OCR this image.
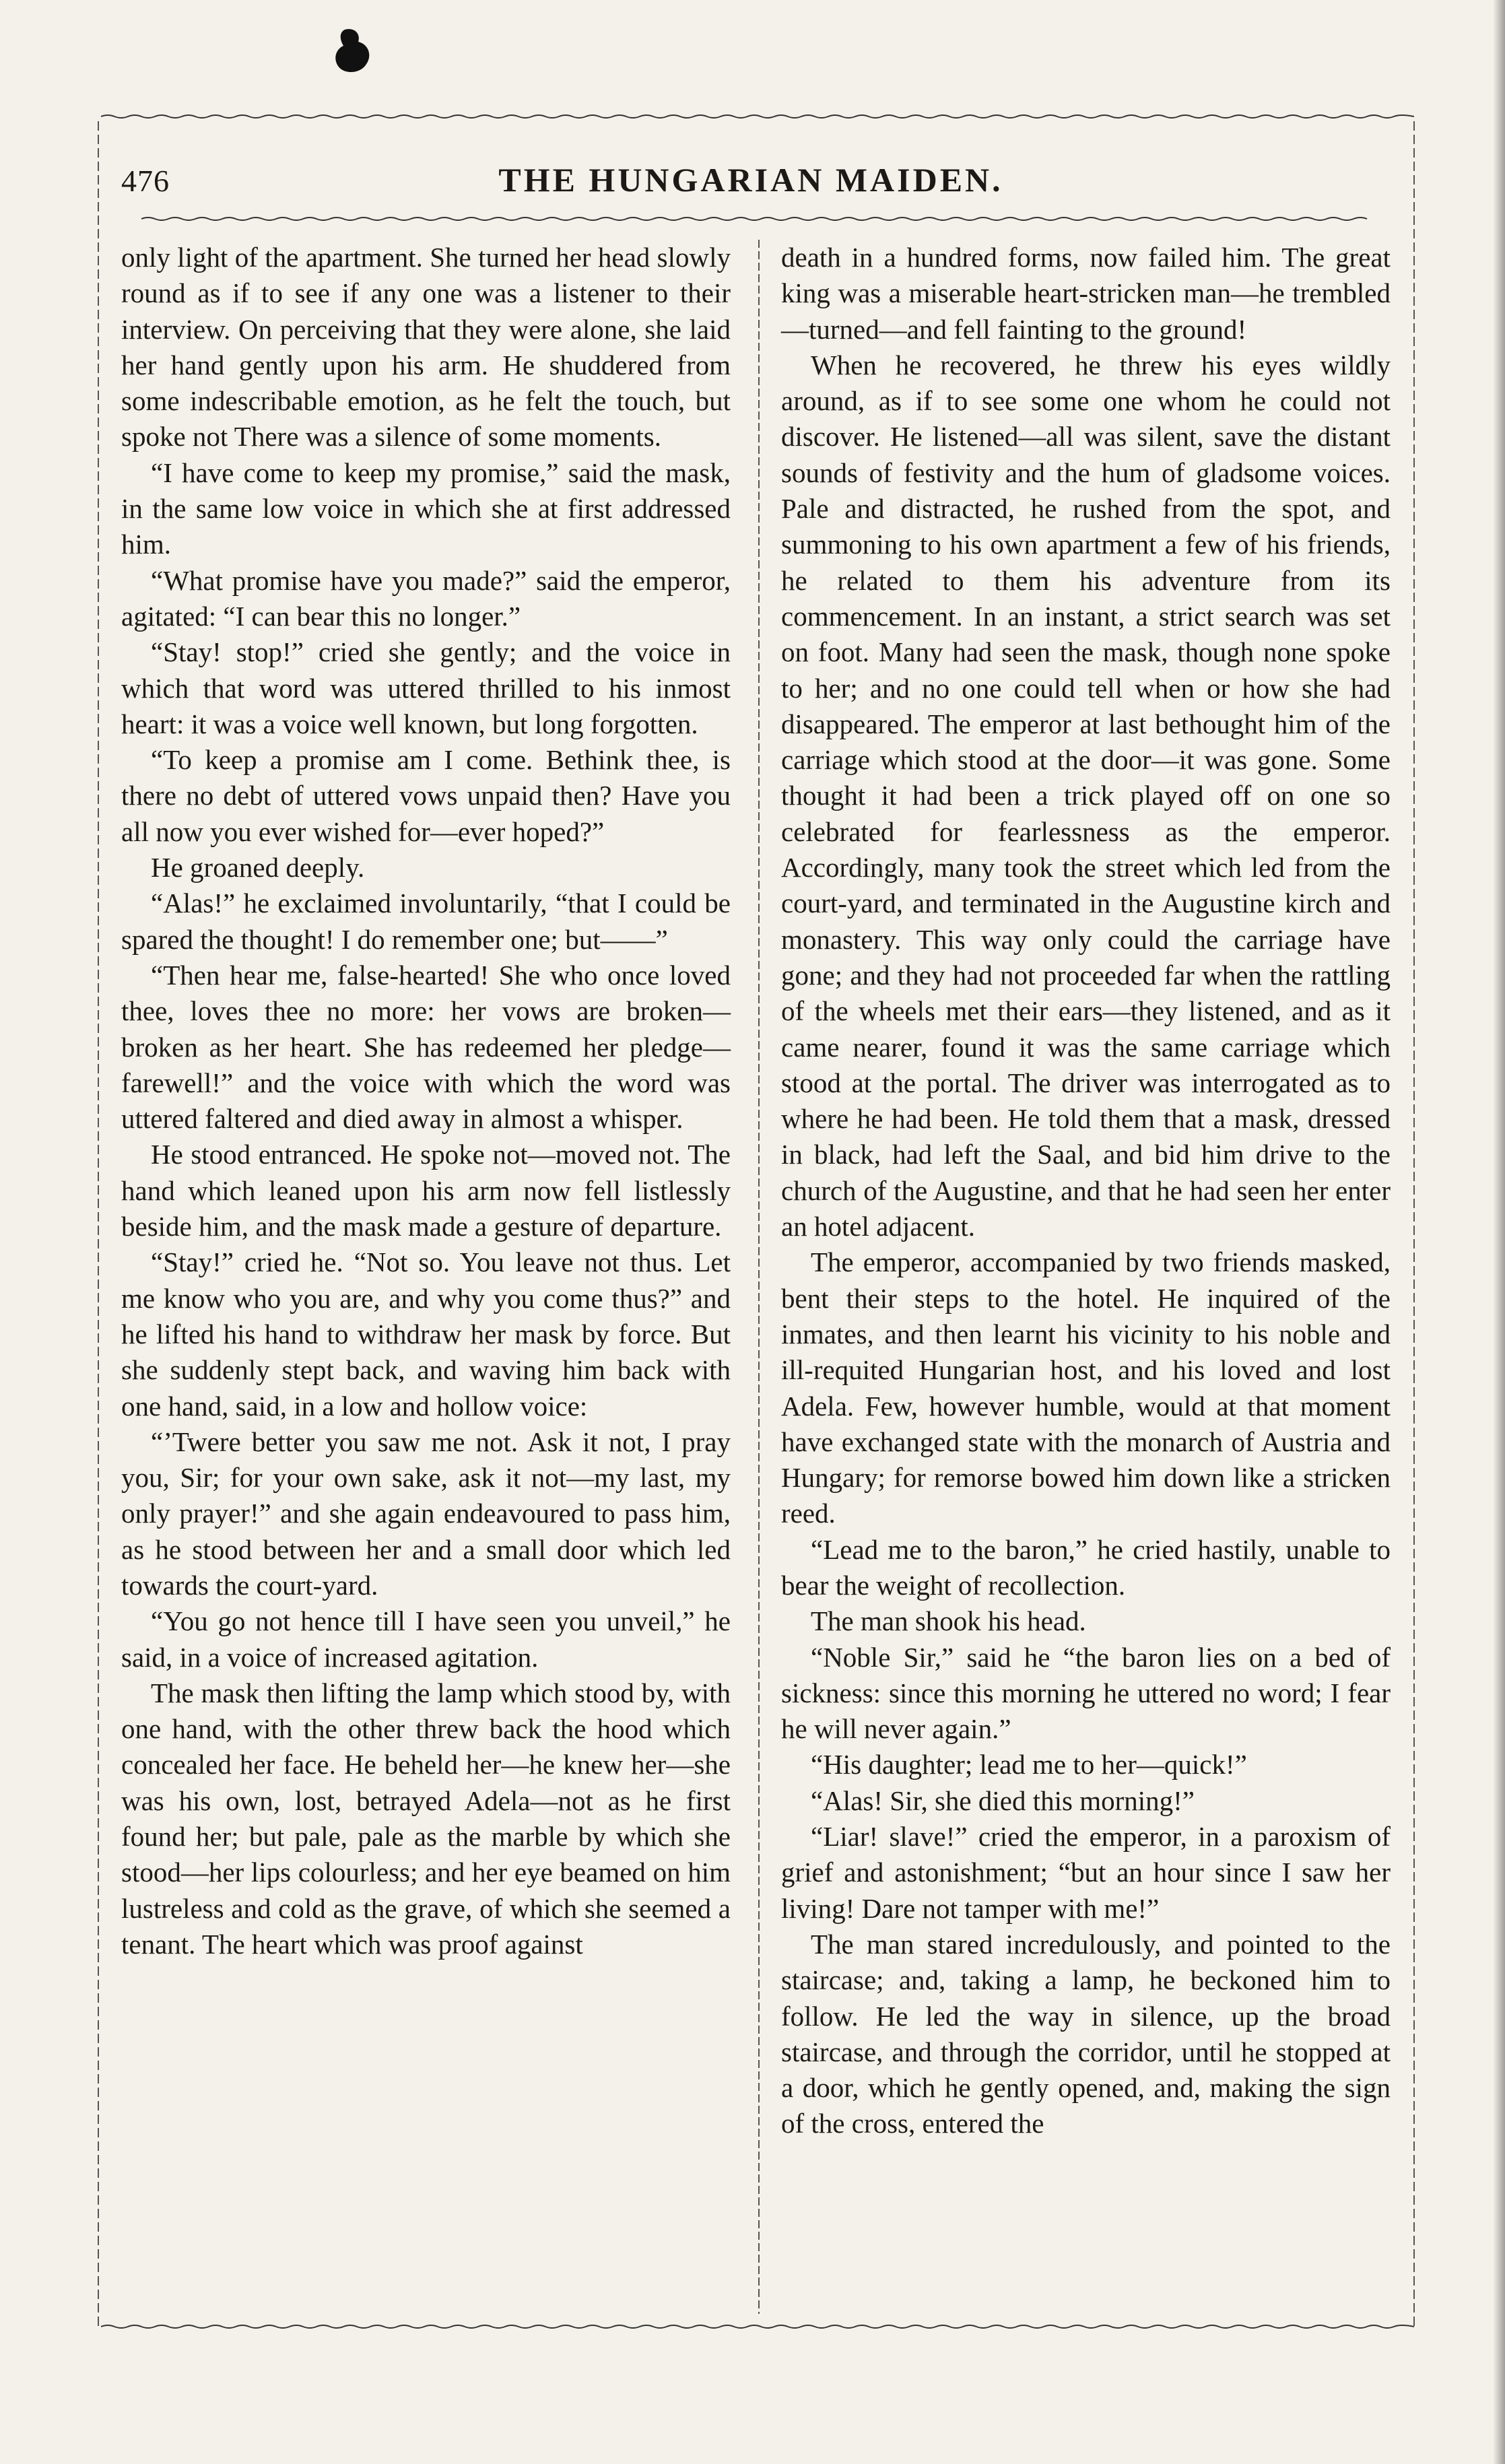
476	THE HUNGARIAN MAIDEN.

only light of the apartment. She turned her head slowly round as if to see if any one was a listener to their interview. On perceiving that they were alone, she laid her hand gently upon his arm. He shuddered from some indescribable emotion, as he felt the touch, but spoke not There was a silence of some moments.

“I have come to keep my promise,” said the mask, in the same low voice in which she at first addressed him.

“What promise have you made?” said the emperor, agitated: “I can bear this no longer.”

“Stay! stop!” cried she gently; and the voice in which that word was uttered thrilled to his inmost heart: it was a voice well known, but long forgotten.

“To keep a promise am I come. Bethink thee, is there no debt of uttered vows unpaid then? Have you all now you ever wished for—ever hoped?”

He groaned deeply.

“Alas!” he exclaimed involuntarily, “that I could be spared the thought! I do remember one; but——”

“Then hear me, false-hearted! She who once loved thee, loves thee no more: her vows are broken—broken as her heart. She has redeemed her pledge—farewell!” and the voice with which the word was uttered faltered and died away in almost a whisper.

He stood entranced. He spoke not—moved not. The hand which leaned upon his arm now fell listlessly beside him, and the mask made a gesture of departure.

“Stay!” cried he. “Not so. You leave not thus. Let me know who you are, and why you come thus?” and he lifted his hand to withdraw her mask by force. But she suddenly stept back, and waving him back with one hand, said, in a low and hollow voice:

“’Twere better you saw me not. Ask it not, I pray you, Sir; for your own sake, ask it not—my last, my only prayer!” and she again endeavoured to pass him, as he stood between her and a small door which led towards the court-yard.

“You go not hence till I have seen you unveil,” he said, in a voice of increased agitation.

The mask then lifting the lamp which stood by, with one hand, with the other threw back the hood which concealed her face. He beheld her—he knew her—she was his own, lost, betrayed Adela—not as he first found her; but pale, pale as the marble by which she stood—her lips colourless; and her eye beamed on him lustreless and cold as the grave, of which she seemed a tenant. The heart which was proof against

death in a hundred forms, now failed him. The great king was a miserable heart-stricken man—he trembled—turned—and fell fainting to the ground!

When he recovered, he threw his eyes wildly around, as if to see some one whom he could not discover. He listened—all was silent, save the distant sounds of festivity and the hum of gladsome voices. Pale and distracted, he rushed from the spot, and summoning to his own apartment a few of his friends, he related to them his adventure from its commencement. In an instant, a strict search was set on foot. Many had seen the mask, though none spoke to her; and no one could tell when or how she had disappeared. The emperor at last bethought him of the carriage which stood at the door—it was gone. Some thought it had been a trick played off on one so celebrated for fearlessness as the emperor. Accordingly, many took the street which led from the court-yard, and terminated in the Augustine kirch and monastery. This way only could the carriage have gone; and they had not proceeded far when the rattling of the wheels met their ears—they listened, and as it came nearer, found it was the same carriage which stood at the portal. The driver was interrogated as to where he had been. He told them that a mask, dressed in black, had left the Saal, and bid him drive to the church of the Augustine, and that he had seen her enter an hotel adjacent.

The emperor, accompanied by two friends masked, bent their steps to the hotel. He inquired of the inmates, and then learnt his vicinity to his noble and ill-requited Hungarian host, and his loved and lost Adela. Few, however humble, would at that moment have exchanged state with the monarch of Austria and Hungary; for remorse bowed him down like a stricken reed.

“Lead me to the baron,” he cried hastily, unable to bear the weight of recollection.

The man shook his head.

“Noble Sir,” said he “the baron lies on a bed of sickness: since this morning he uttered no word; I fear he will never again.”

“His daughter; lead me to her—quick!”

“Alas! Sir, she died this morning!”

“Liar! slave!” cried the emperor, in a paroxism of grief and astonishment; “but an hour since I saw her living! Dare not tamper with me!”

The man stared incredulously, and pointed to the staircase; and, taking a lamp, he beckoned him to follow. He led the way in silence, up the broad staircase, and through the corridor, until he stopped at a door, which he gently opened, and, making the sign of the cross, entered the
